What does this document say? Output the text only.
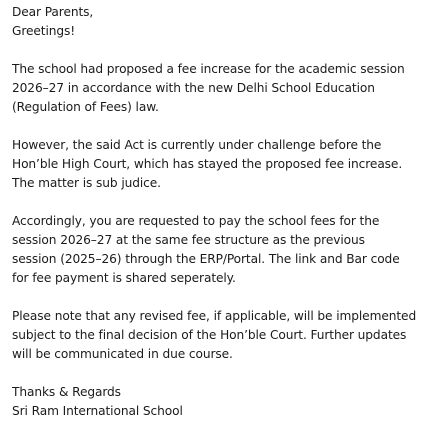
Dear Parents,
Greetings!

The school had proposed a fee increase for the academic session
2026–27 in accordance with the new Delhi School Education
(Regulation of Fees) law.

However, the said Act is currently under challenge before the
Hon’ble High Court, which has stayed the proposed fee increase.
The matter is sub judice.

Accordingly, you are requested to pay the school fees for the
session 2026–27 at the same fee structure as the previous
session (2025–26) through the ERP/Portal. The link and Bar code
for fee payment is shared seperately.

Please note that any revised fee, if applicable, will be implemented
subject to the final decision of the Hon’ble Court. Further updates
will be communicated in due course.

Thanks & Regards
Sri Ram International School
